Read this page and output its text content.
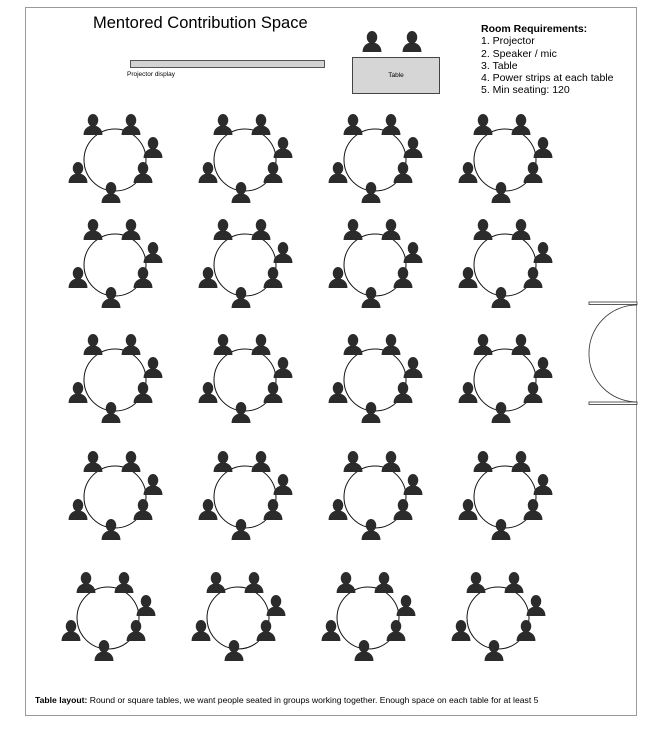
Mentored Contribution Space
Projector display	Table
Room Requirements:
1. Projector
2. Speaker / mic
3. Table
4. Power strips at each table
5. Min seating: 120
Table layout: Round or square tables, we want people seated in groups working together. Enough space on each table for at least 5
